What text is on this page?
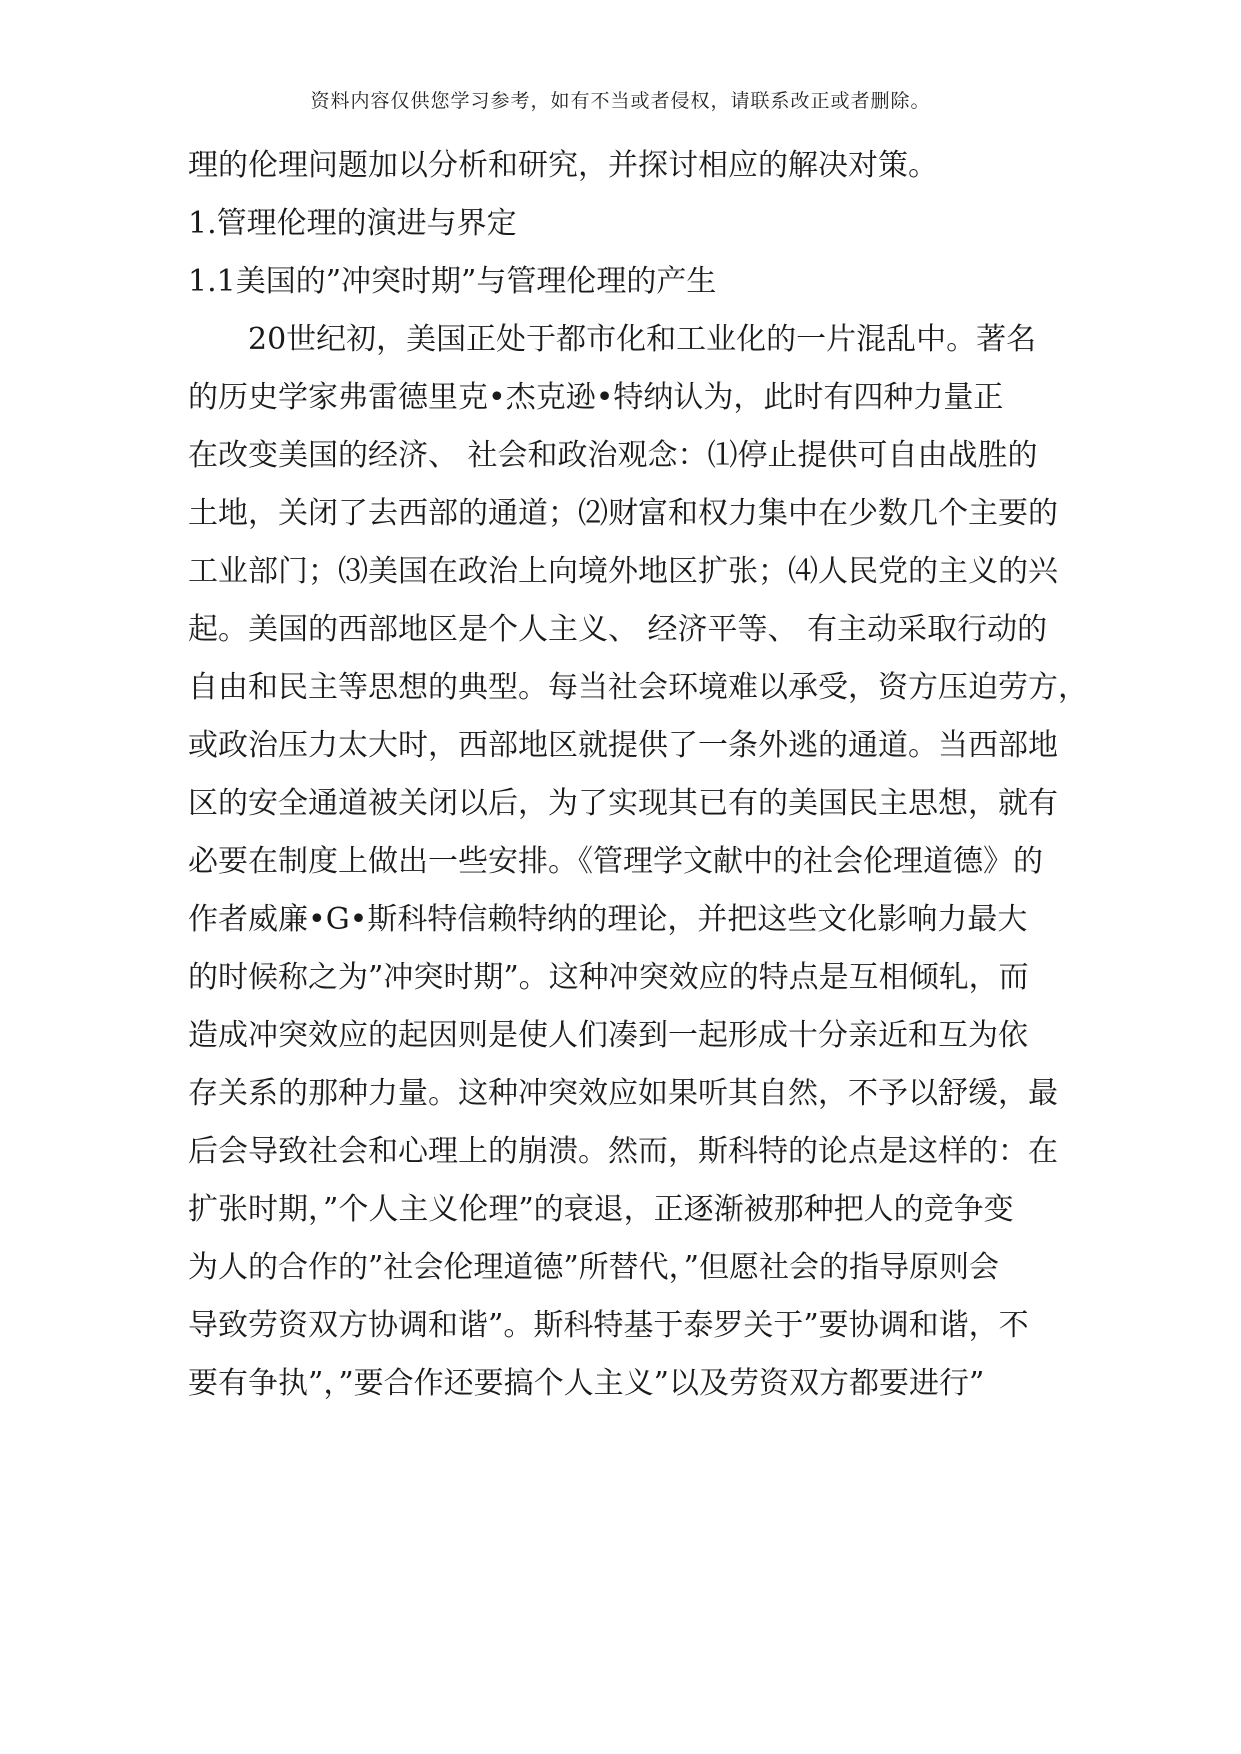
资料内容仅供您学习参考，如有不当或者侵权，请联系改正或者删除。
理的伦理问题加以分析和研究，并探讨相应的解决对策。
1.管理伦理的演进与界定
1.1美国的”冲突时期”与管理伦理的产生
20世纪初，美国正处于都市化和工业化的一片混乱中。著名
的历史学家弗雷德里克•杰克逊•特纳认为，此时有四种力量正
在改变美国的经济、 社会和政治观念：⑴停止提供可自由战胜的
土地，关闭了去西部的通道；⑵财富和权力集中在少数几个主要的
工业部门；⑶美国在政治上向境外地区扩张；⑷人民党的主义的兴
起。美国的西部地区是个人主义、 经济平等、 有主动采取行动的
自由和民主等思想的典型。每当社会环境难以承受，资方压迫劳方，
或政治压力太大时，西部地区就提供了一条外逃的通道。当西部地
区的安全通道被关闭以后，为了实现其已有的美国民主思想，就有
必要在制度上做出一些安排。《管理学文献中的社会伦理道德》的
作者威廉•G•斯科特信赖特纳的理论，并把这些文化影响力最大
的时候称之为”冲突时期”。这种冲突效应的特点是互相倾轧，而
造成冲突效应的起因则是使人们凑到一起形成十分亲近和互为依
存关系的那种力量。这种冲突效应如果听其自然，不予以舒缓，最
后会导致社会和心理上的崩溃。然而，斯科特的论点是这样的：在
扩张时期，”个人主义伦理”的衰退，正逐渐被那种把人的竞争变
为人的合作的”社会伦理道德”所替代，”但愿社会的指导原则会
导致劳资双方协调和谐”。斯科特基于泰罗关于”要协调和谐，不
要有争执”，”要合作还要搞个人主义”以及劳资双方都要进行”
